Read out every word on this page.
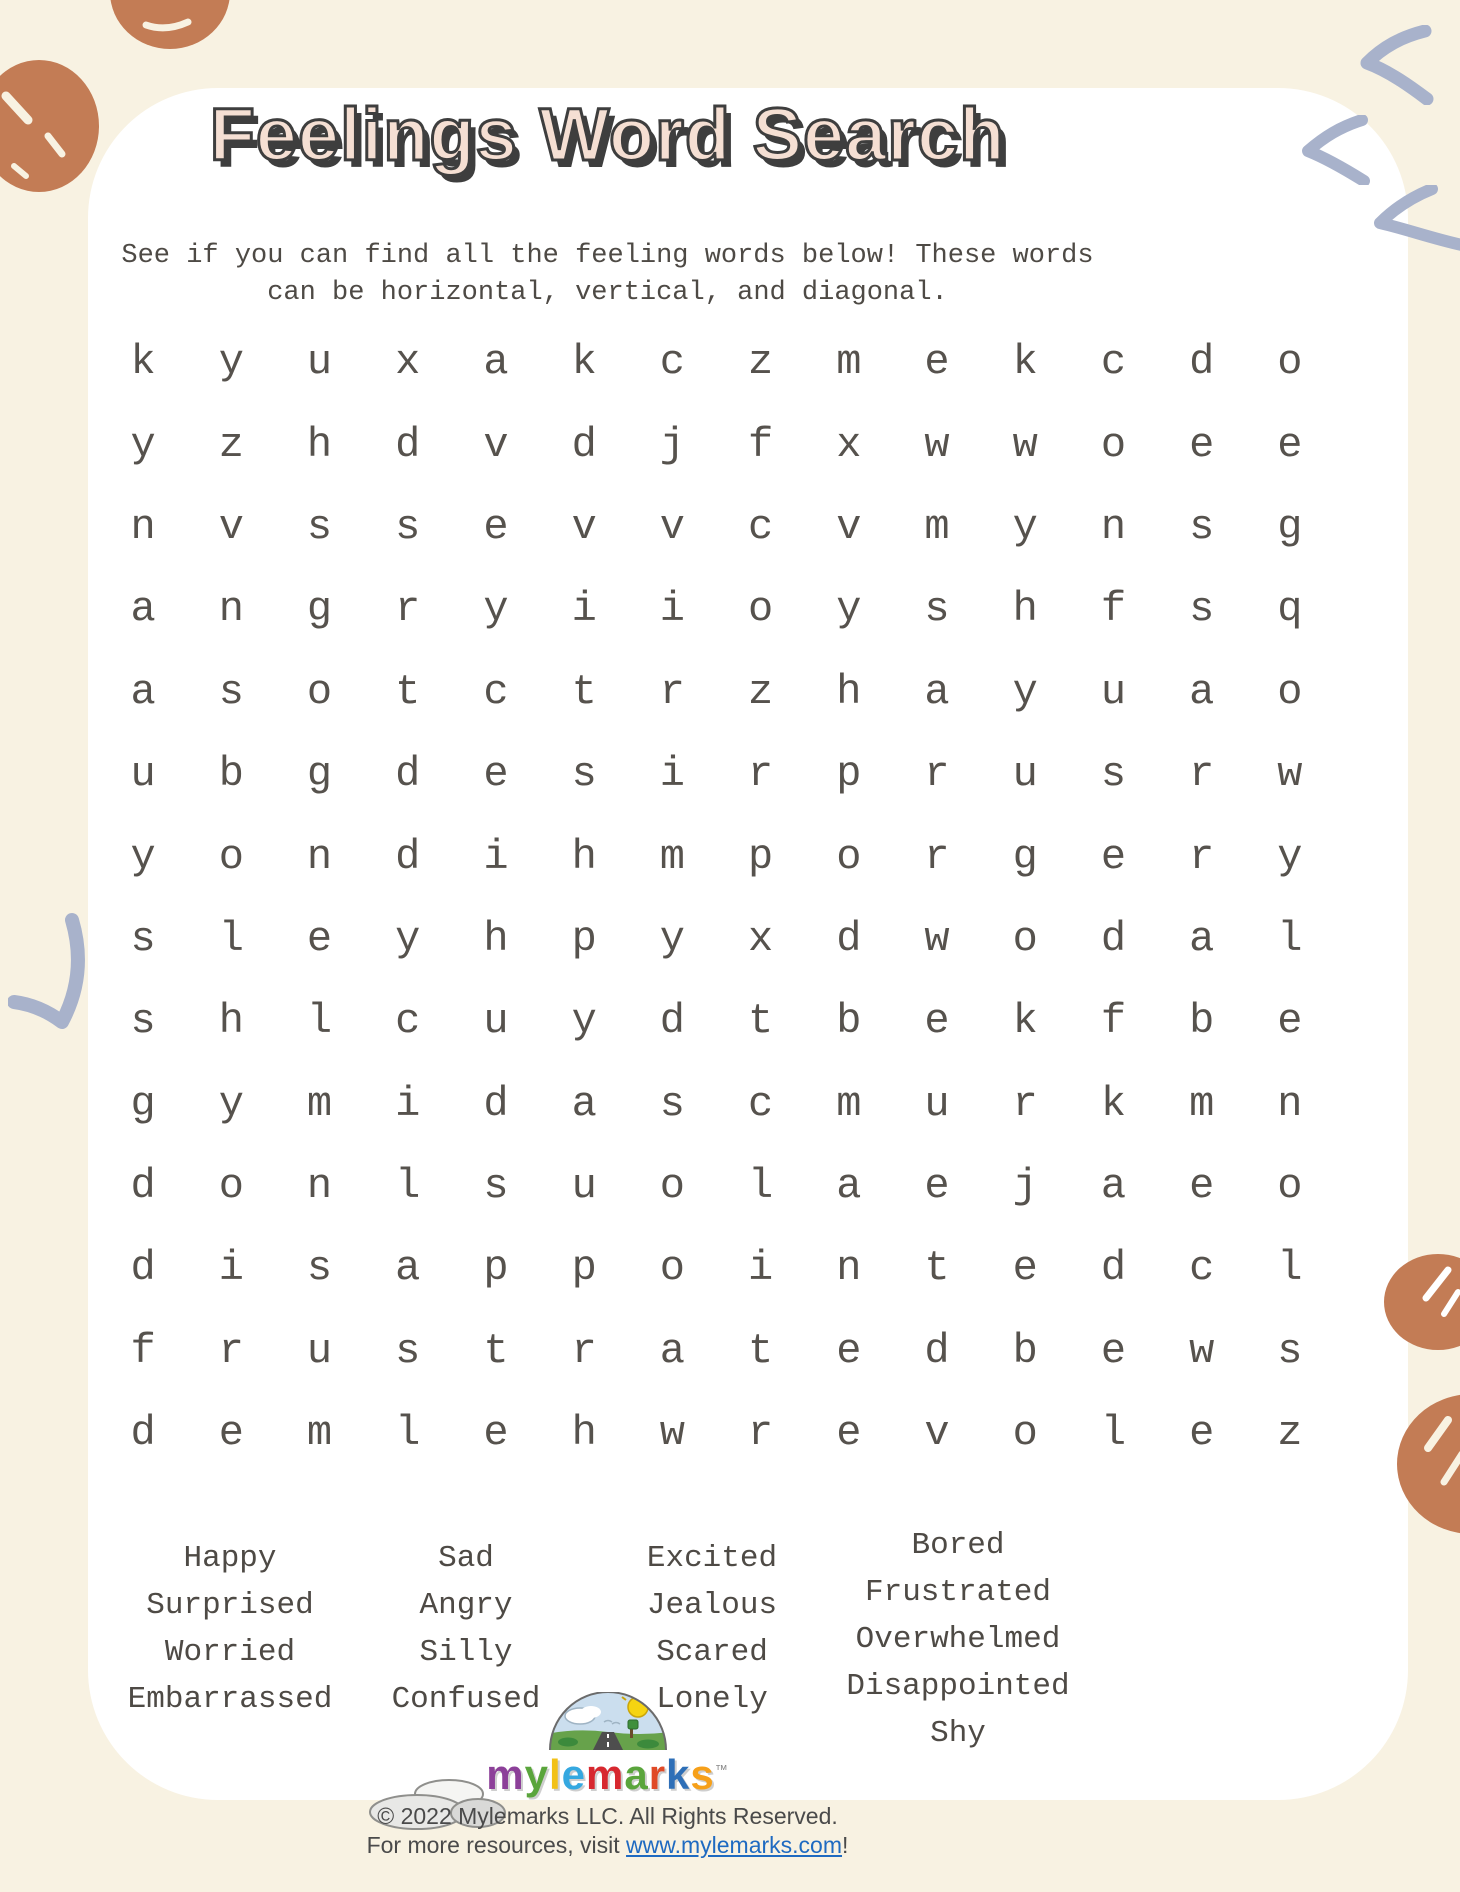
Feelings Word Search
See if you can find all the feeling words below! These words
can be horizontal, vertical, and diagonal.
k	y	u	x	a	k	c	z	m	e	k	c	d	o
y	z	h	d	v	d	j	f	x	w	w	o	e	e
n	v	s	s	e	v	v	c	v	m	y	n	s	g
a	n	g	r	y	i	i	o	y	s	h	f	s	q
a	s	o	t	c	t	r	z	h	a	y	u	a	o
u	b	g	d	e	s	i	r	p	r	u	s	r	w
y	o	n	d	i	h	m	p	o	r	g	e	r	y
s	l	e	y	h	p	y	x	d	w	o	d	a	l
s	h	l	c	u	y	d	t	b	e	k	f	b	e
g	y	m	i	d	a	s	c	m	u	r	k	m	n
d	o	n	l	s	u	o	l	a	e	j	a	e	o
d	i	s	a	p	p	o	i	n	t	e	d	c	l
f	r	u	s	t	r	a	t	e	d	b	e	w	s
d	e	m	l	e	h	w	r	e	v	o	l	e	z
Happy
Surprised
Worried
Embarrassed
Sad
Angry
Silly
Confused
Excited
Jealous
Scared
Lonely
Bored
Frustrated
Overwhelmed
Disappointed
Shy
mylemarks™
© 2022 Mylemarks LLC. All Rights Reserved.
For more resources, visit www.mylemarks.com!
